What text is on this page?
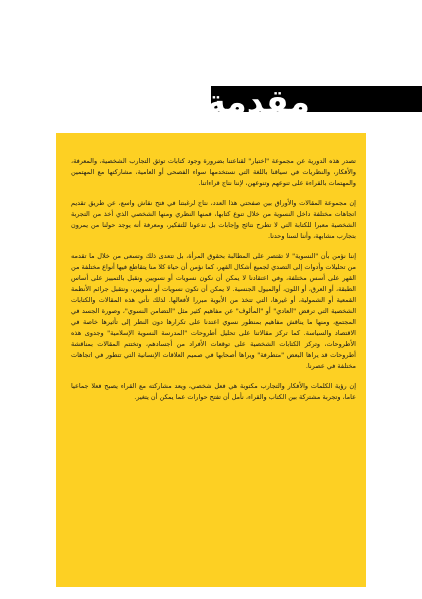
مقدمة

تصدر هذه الدورية عن مجموعة "اختيار" لقناعتنا بضرورة وجود كتابات توثق التجارب الشخصية، والمعرفة، والأفكار، والنظريات في سياقنا باللغة التي نستخدمها سواء الفصحى أو العامية، مشاركتها مع المهتمين والمهتمات بالقراءة على تنوعهم وتنوعهن، لإننا نتاج قراءاتنا.

إن مجموعة المقالات والأوراق بين صفحتي هذا العدد، نتاج لرغبتنا في فتح نقاش واسع، عن طريق تقديم اتجاهات مختلفة داخل النسوية من خلال تنوع كتابها، فمنها النظري ومنها الشخصي الذي أخذ من التجربة الشخصية معبرا للكتابة التي لا تطرح نتائج وإجابات بل تدعونا للتفكير، ومعرفة أنه يوجد حولنا من يمرون بتجارب مشابهة، وأننا لسنا وحدنا.

إننا نؤمن بأن "النسوية" لا تقتصر على المطالبة بحقوق المرأة، بل تتعدى ذلك وتسعى من خلال ما تقدمه من تحليلات وأدوات إلى التصدي لجميع أشكال القهر، كما نؤمن أن حياة كلا منا يتقاطع فيها أنواع مختلفة من القهر على أسس مختلفة، وفي اعتقادنا لا يمكن أن نكون نسويات أو نسويين ونقبل بالتمييز على أساس الطبقة، أو العرق، أو اللون، أوالميول الجنسية. لا يمكن أن نكون نسويات أو نسويين، ونتقبل جرائم الأنظمة القمعية أو الشمولية، أو غيرها، التي تتخذ من الأبوية مبررا لأفعالها. لذلك تأتي هذه المقالات والكتابات الشخصية التي ترفض "العادي" أو "المألوف" عن مفاهيم كثير مثل "التضامن النسوي"، وصورة الجسد في المجتمع، ومنها ما يناقش مفاهيم بمنظور نسوي اعتدنا على تكرارها دون النظر إلى تأثيرها خاصة في الاقتصاد والسياسة. كما تركز مقالاتنا على تحليل أطروحات "المدرسة النسوية الإسلامية" وجدوى هذه الأطروحات، وتركز الكتابات الشخصية على توقعات الأفراد من أجسادهم، وتختتم المقالات بمناقشة أطروحات قد يراها البعض "متطرفة" ويراها أصحابها في صميم العلاقات الإنسانية التي تتطور في اتجاهات مختلفة في عصرنا.

إن رؤية الكلمات والأفكار والتجارب مكتوبة هي فعل شخصي، ويعد مشاركته مع القراء يصبح فعلا جماعيا عاما، وتجربة مشتركة بين الكتاب والقراء، نأمل أن تفتح حوارات عما يمكن أن يتغير.
